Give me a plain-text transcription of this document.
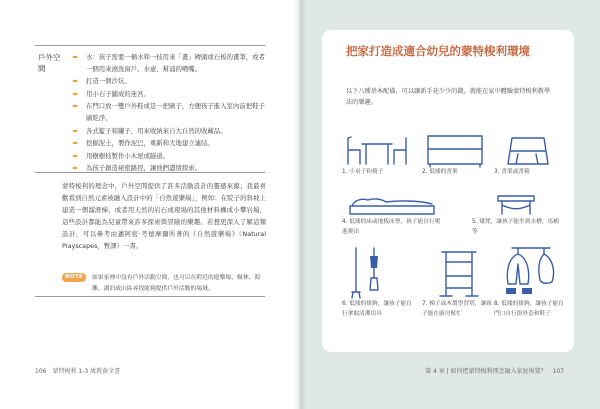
戶外空間
➠ 水：孩子需要一桶水和一枝用來「畫」磚頭或石板的畫筆，或者一個用來澆洗窗戶、水壺、幫浦的噴嘴。
➠ 打造一個沙坑。
➠ 用小石子鋪成的迷宮。
➠ 在門口放一雙戶外鞋或是一把刷子，方便孩子進入室內前把鞋子刷乾淨。
➠ 各式籃子和罐子，用來收納來自大自然的收藏品。
➠ 挖掘泥土，製作泥巴，重新和大地建立連結。
➠ 用樹樹枝製作小木屋或隧道。
➠ 為孩子創造祕密路徑，讓他們盡情探索。

蒙特梭利的理念中，戶外空間提供了許多活動設計的靈感來源；我最喜歡看到自然元素被融入設計中的「自然遊樂場」，例如：在院子的斜坡上建造一個溜滑梯，或者用天然的岩石或現場的其他材料構成小攀岩場，這些設計都能為兒童帶來許多探索與冒險的樂趣。若想更深入了解這類設計，可以參考由邁阿密·考德摩爾所著的《自然遊樂場》（Natural Playscapes，暫譯）一書。

NOTE	如果家裡中沒有戶外活動空間，也可以在附近的遊樂場、樹林、海灘、湖泊或山區尋找能夠提供戶外活動的場域。
106 蒙特梭利 1-3 歲教養全書
把家打造成適合幼兒的蒙特梭利環境
以下八種基本配備，可以讓新手花少少的錢，就能在家中體驗蒙特梭利教學法的樂趣。
1. 小桌子和椅子	2. 低矮的書架	3. 書架或書箱
4. 低矮的床或地板床墊，孩子能自行爬進爬出
5. 矮凳，讓孩子能坐到水槽、馬桶等
6. 低矮的掛鉤，讓孩子能自行拿取清潔用具
7. 梯子或木製學習塔，讓孩子能在廚房幫忙
8. 低矮的掛鉤，讓孩子能自門口自行掛外套和鞋子
第 4 章 | 如何把蒙特梭利理念融入家庭佈置？ 107
